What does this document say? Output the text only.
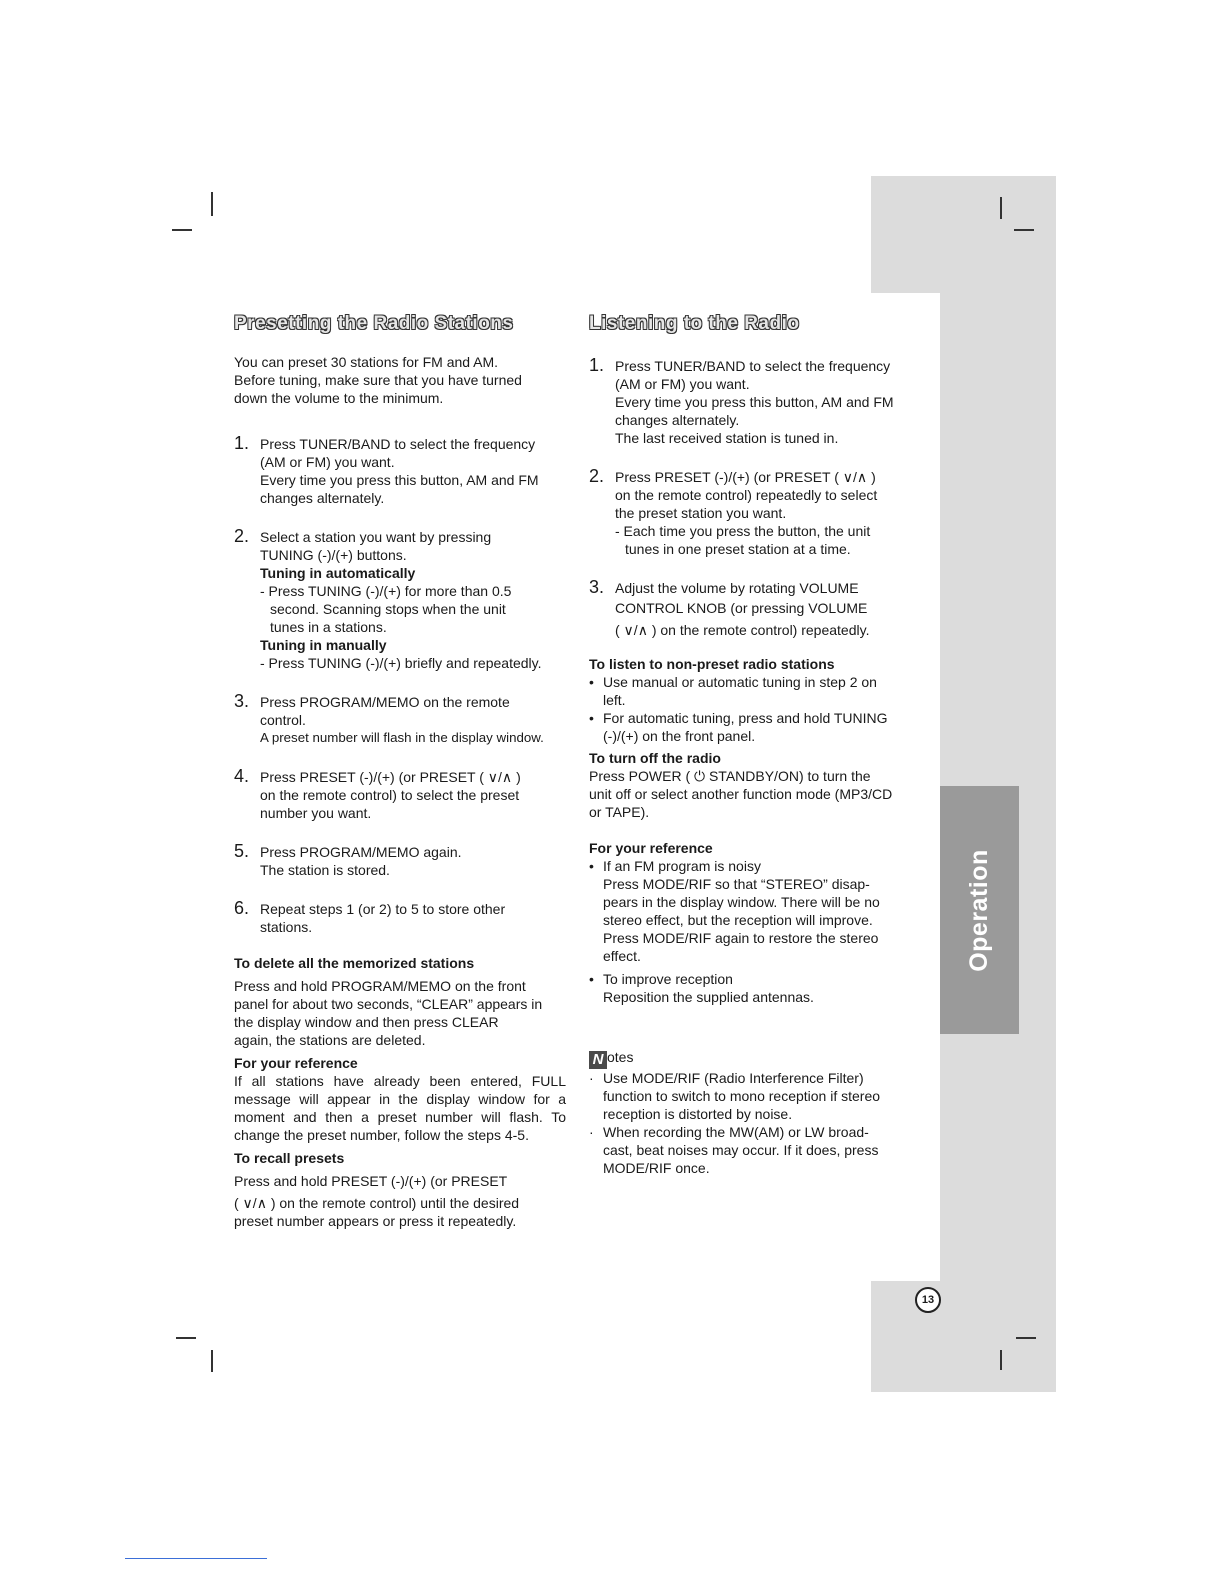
Operation
Presetting the Radio Stations

You can preset 30 stations for FM and AM.

Before tuning, make sure that you have turned

down the volume to the minimum.

1. Press TUNER/BAND to select the frequency

(AM or FM) you want.

Every time you press this button, AM and FM

changes alternately.

2. Select a station you want by pressing

TUNING (-)/(+) buttons.

Tuning in automatically

- Press TUNING (-)/(+) for more than 0.5

second. Scanning stops when the unit

tunes in a stations.

Tuning in manually

- Press TUNING (-)/(+) briefly and repeatedly.

3. Press PROGRAM/MEMO on the remote

control.

A preset number will flash in the display window.

4. Press PRESET (-)/(+) (or PRESET ( ∨/∧ )

on the remote control) to select the preset

number you want.

5. Press PROGRAM/MEMO again.

The station is stored.

6. Repeat steps 1 (or 2) to 5 to store other

stations.

To delete all the memorized stations

Press and hold PROGRAM/MEMO on the front

panel for about two seconds, “CLEAR” appears in

the display window and then press CLEAR

again, the stations are deleted.

For your reference

If all stations have already been entered, FULL

message will appear in the display window for a

moment and then a preset number will flash. To

change the preset number, follow the steps 4-5.

To recall presets

Press and hold PRESET (-)/(+) (or PRESET

( ∨/∧ ) on the remote control) until the desired

preset number appears or press it repeatedly.

Listening to the Radio
1. Press TUNER/BAND to select the frequency

(AM or FM) you want.

Every time you press this button, AM and FM

changes alternately.

The last received station is tuned in.

2. Press PRESET (-)/(+) (or PRESET ( ∨/∧ )

on the remote control) repeatedly to select

the preset station you want.

- Each time you press the button, the unit

tunes in one preset station at a time.

3. Adjust the volume by rotating VOLUME

CONTROL KNOB (or pressing VOLUME

( ∨/∧ ) on the remote control) repeatedly.

To listen to non-preset radio stations

• Use manual or automatic tuning in step 2 on

left.

• For automatic tuning, press and hold TUNING

(-)/(+) on the front panel.

To turn off the radio

Press POWER ( ⏻ STANDBY/ON) to turn the

unit off or select another function mode (MP3/CD

or TAPE).

For your reference

• If an FM program is noisy

Press MODE/RIF so that “STEREO” disap-

pears in the display window. There will be no

stereo effect, but the reception will improve.

Press MODE/RIF again to restore the stereo

effect.

• To improve reception

Reposition the supplied antennas.

N otes

· Use MODE/RIF (Radio Interference Filter)

function to switch to mono reception if stereo

reception is distorted by noise.

· When recording the MW(AM) or LW broad-

cast, beat noises may occur. If it does, press

MODE/RIF once.

13
